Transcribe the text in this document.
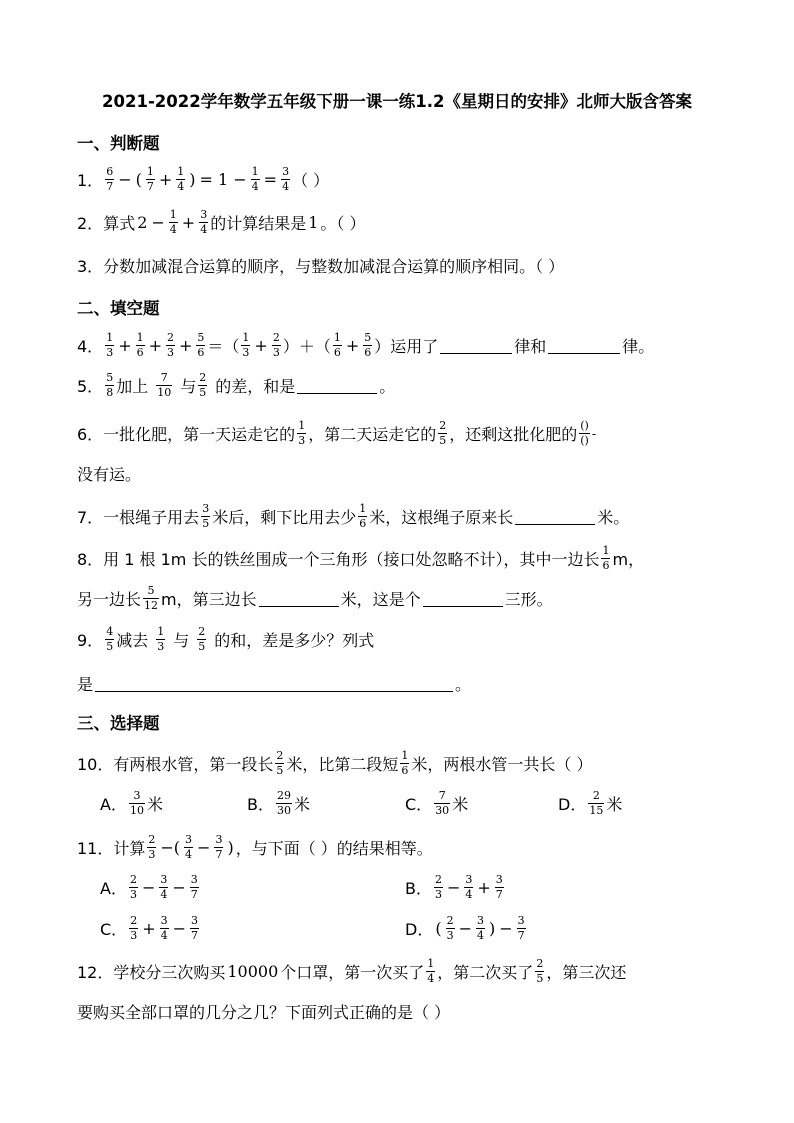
2021-2022学年数学五年级下册一课一练1.2《星期日的安排》北师大版含答案
一、判断题
1． $\frac{6}{7}$ − ( $\frac{1}{7} + \frac{1}{4}$ ) = $1 - \frac{1}{4} = \frac{3}{4}$ （ ）
2． 算式 $2 - \frac{1}{4} + \frac{3}{4}$ 的计算结果是 1 。（ ）
3．分数加减混合运算的顺序，与整数加减混合运算的顺序相同。（ ）
二、填空题
4． $\frac{1}{3} + \frac{1}{6} + \frac{2}{3} + \frac{5}{6}$ ＝（ $\frac{1}{3} + \frac{2}{3}$ ）＋（ $\frac{1}{6} + \frac{5}{6}$ ）运用了	律和	律。
5． $\frac{5}{8}$ 加上 $\frac{7}{10}$ 与 $\frac{2}{5}$ 的差，和是	。
6．一批化肥，第一天运走它的 $\frac{1}{3}$ ，第二天运走它的 $\frac{2}{5}$ ，还剩这批化肥的 $\frac{()}{()}$ -
没有运。
7．一根绳子用去 $\frac{3}{5}$ 米后，剩下比用去少 $\frac{1}{6}$ 米，这根绳子原来长	米。
8．用 1 根 1m 长的铁丝围成一个三角形（接口处忽略不计），其中一边长 $\frac{1}{6}$ m，
另一边长 $\frac{5}{12}$ m，第三边长	米，这是个	三形。
9． $\frac{4}{5}$ 减去 $\frac{1}{3}$ 与 $\frac{2}{5}$ 的和，差是多少？列式
是	。
三、选择题
10．有两根水管，第一段长 $\frac{2}{5}$ 米，比第二段短 $\frac{1}{6}$ 米，两根水管一共长（ ）
A． $\frac{3}{10}$ 米	B． $\frac{29}{30}$ 米	C． $\frac{7}{30}$ 米	D． $\frac{2}{15}$ 米
11．计算 $\frac{2}{3}$ −( $\frac{3}{4} - \frac{3}{7}$ ) ，与下面（ ）的结果相等。
A． $\frac{2}{3} - \frac{3}{4} - \frac{3}{7}$	B． $\frac{2}{3} - \frac{3}{4} + \frac{3}{7}$
C． $\frac{2}{3} + \frac{3}{4} - \frac{3}{7}$	D． ( $\frac{2}{3} - \frac{3}{4}$ ) − $\frac{3}{7}$
12．学校分三次购买 10000 个口罩，第一次买了 $\frac{1}{4}$ ，第二次买了 $\frac{2}{5}$ ，第三次还
要购买全部口罩的几分之几？下面列式正确的是（ ）
